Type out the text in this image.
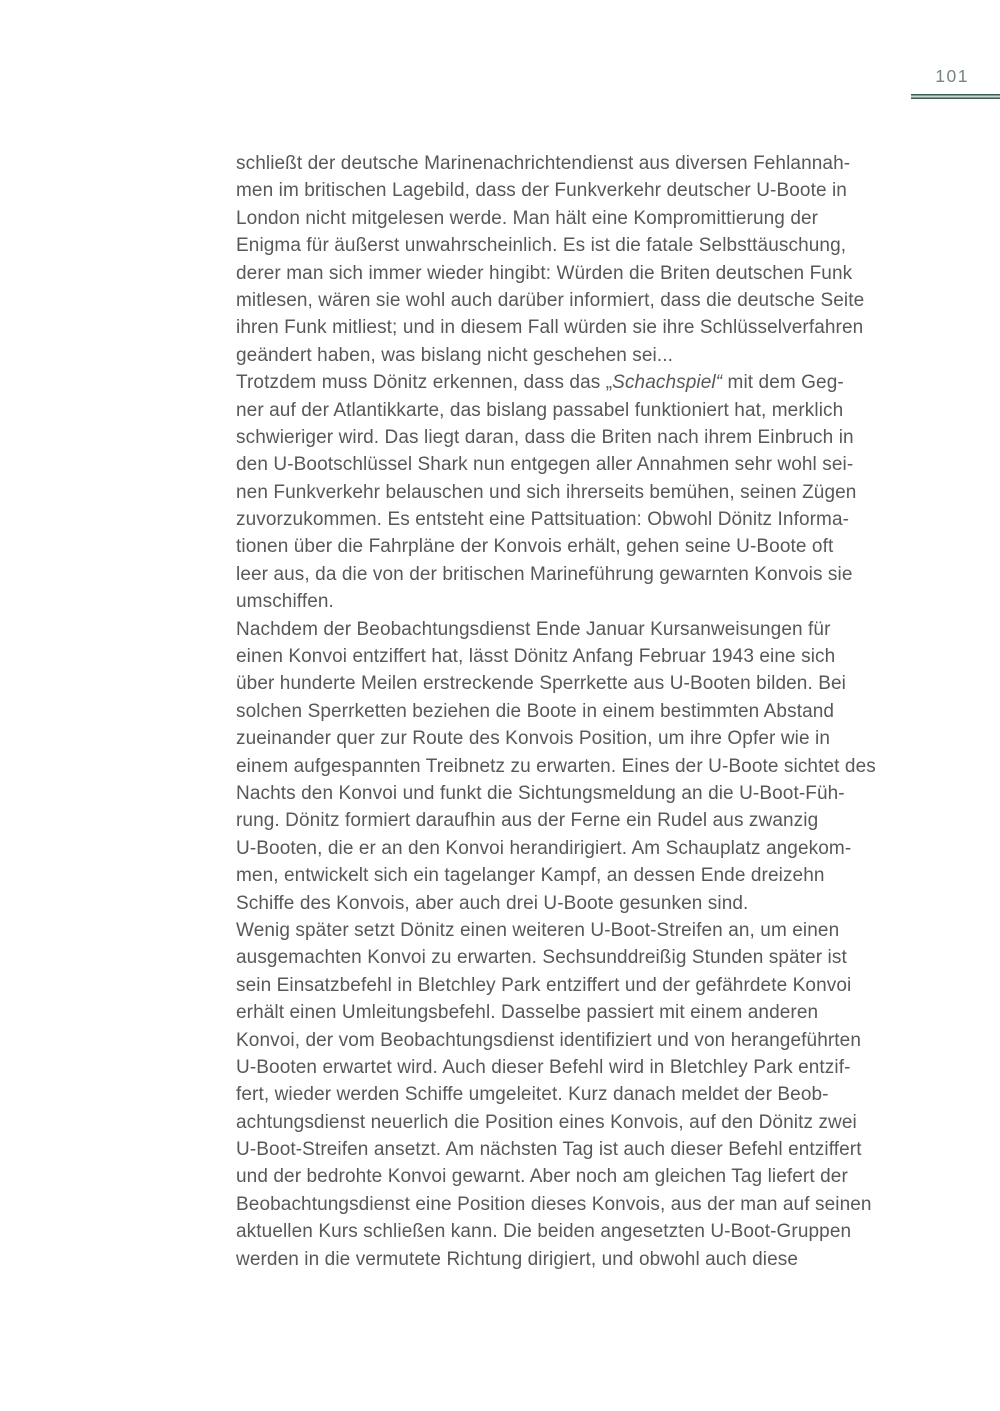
101
schließt der deutsche Marinenachrichtendienst aus diversen Fehlannah-
men im britischen Lagebild, dass der Funkverkehr deutscher U-Boote in
London nicht mitgelesen werde. Man hält eine Kompromittierung der
Enigma für äußerst unwahrscheinlich. Es ist die fatale Selbsttäuschung,
derer man sich immer wieder hingibt: Würden die Briten deutschen Funk
mitlesen, wären sie wohl auch darüber informiert, dass die deutsche Seite
ihren Funk mitliest; und in diesem Fall würden sie ihre Schlüsselverfahren
geändert haben, was bislang nicht geschehen sei...
Trotzdem muss Dönitz erkennen, dass das „Schachspiel“ mit dem Geg-
ner auf der Atlantikkarte, das bislang passabel funktioniert hat, merklich
schwieriger wird. Das liegt daran, dass die Briten nach ihrem Einbruch in
den U-Bootschlüssel Shark nun entgegen aller Annahmen sehr wohl sei-
nen Funkverkehr belauschen und sich ihrerseits bemühen, seinen Zügen
zuvorzukommen. Es entsteht eine Pattsituation: Obwohl Dönitz Informa-
tionen über die Fahrpläne der Konvois erhält, gehen seine U-Boote oft
leer aus, da die von der britischen Marineführung gewarnten Konvois sie
umschiffen.
Nachdem der Beobachtungsdienst Ende Januar Kursanweisungen für
einen Konvoi entziffert hat, lässt Dönitz Anfang Februar 1943 eine sich
über hunderte Meilen erstreckende Sperrkette aus U-Booten bilden. Bei
solchen Sperrketten beziehen die Boote in einem bestimmten Abstand
zueinander quer zur Route des Konvois Position, um ihre Opfer wie in
einem aufgespannten Treibnetz zu erwarten. Eines der U-Boote sichtet des
Nachts den Konvoi und funkt die Sichtungsmeldung an die U-Boot-Füh-
rung. Dönitz formiert daraufhin aus der Ferne ein Rudel aus zwanzig
U-Booten, die er an den Konvoi herandirigiert. Am Schauplatz angekom-
men, entwickelt sich ein tagelanger Kampf, an dessen Ende dreizehn
Schiffe des Konvois, aber auch drei U-Boote gesunken sind.
Wenig später setzt Dönitz einen weiteren U-Boot-Streifen an, um einen
ausgemachten Konvoi zu erwarten. Sechsunddreißig Stunden später ist
sein Einsatzbefehl in Bletchley Park entziffert und der gefährdete Konvoi
erhält einen Umleitungsbefehl. Dasselbe passiert mit einem anderen
Konvoi, der vom Beobachtungsdienst identifiziert und von herangeführten
U-Booten erwartet wird. Auch dieser Befehl wird in Bletchley Park entzif-
fert, wieder werden Schiffe umgeleitet. Kurz danach meldet der Beob-
achtungsdienst neuerlich die Position eines Konvois, auf den Dönitz zwei
U-Boot-Streifen ansetzt. Am nächsten Tag ist auch dieser Befehl entziffert
und der bedrohte Konvoi gewarnt. Aber noch am gleichen Tag liefert der
Beobachtungsdienst eine Position dieses Konvois, aus der man auf seinen
aktuellen Kurs schließen kann. Die beiden angesetzten U-Boot-Gruppen
werden in die vermutete Richtung dirigiert, und obwohl auch diese
